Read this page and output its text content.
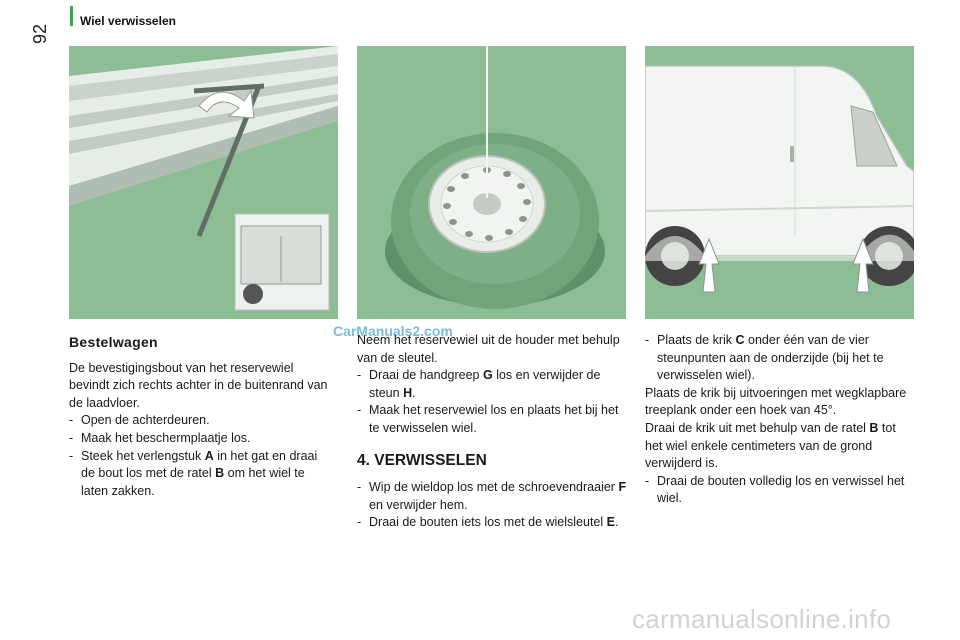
92
Wiel verwisselen
CarManuals2.com
Bestelwagen

De bevestigingsbout van het reservewiel bevindt zich rechts achter in de buitenrand van de laadvloer.

- Open de achterdeuren.
- Maak het beschermplaatje los.
- Steek het verlengstuk A in het gat en draai de bout los met de ratel B om het wiel te laten zakken.

Neem het reservewiel uit de houder met behulp van de sleutel.

- Draai de handgreep G los en verwijder de steun H.
- Maak het reservewiel los en plaats het bij het te verwisselen wiel.
4. VERWISSELEN
- Wip de wieldop los met de schroevendraaier F en verwijder hem.
- Draai de bouten iets los met de wielsleutel E.
- Plaats de krik C onder één van de vier steunpunten aan de onderzijde (bij het te verwisselen wiel).

Plaats de krik bij uitvoeringen met wegklapbare treeplank onder een hoek van 45°.

Draai de krik uit met behulp van de ratel B tot het wiel enkele centimeters van de grond verwijderd is.

- Draai de bouten volledig los en verwissel het wiel.
carmanualsonline.info
